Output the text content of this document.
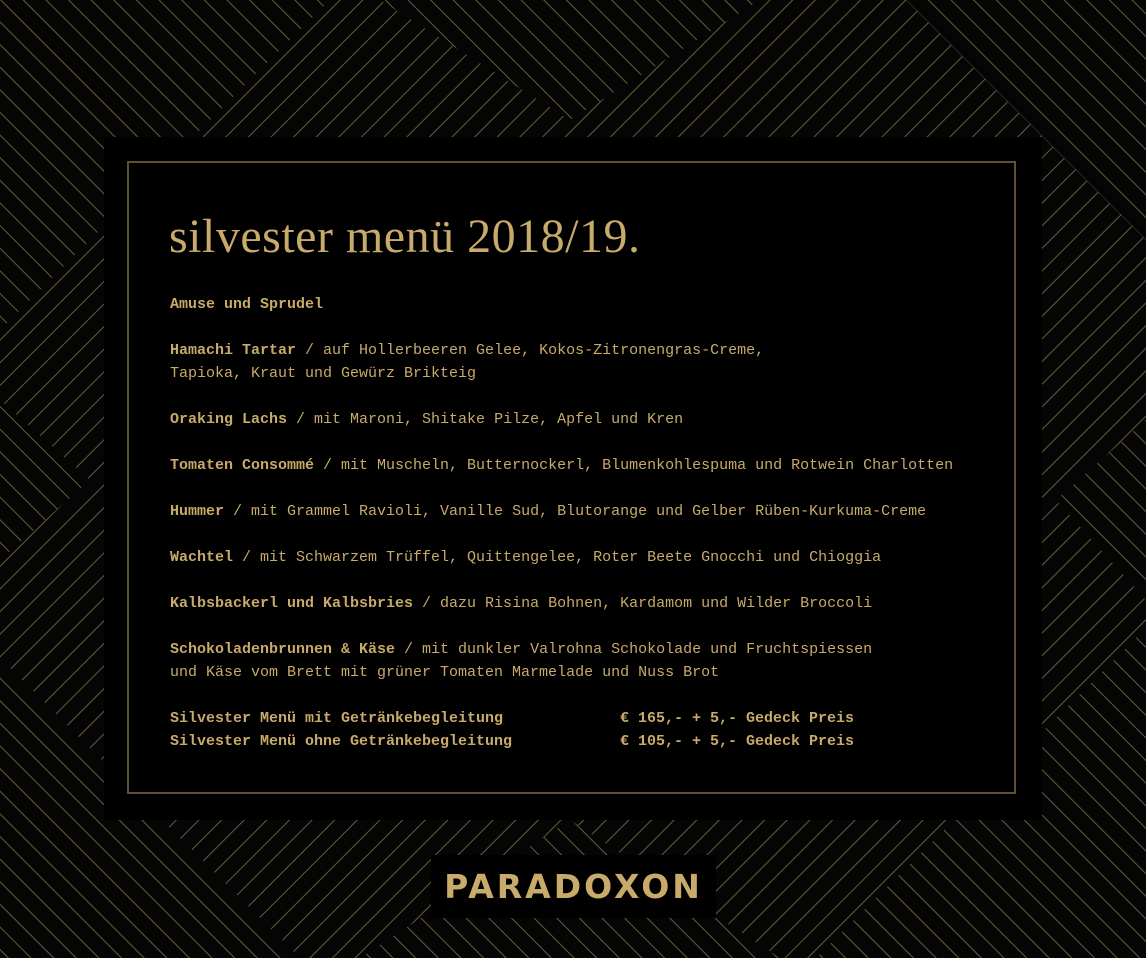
silvester menü 2018/19.

Amuse und Sprudel

Hamachi Tartar / auf Hollerbeeren Gelee, Kokos-Zitronengras-Creme,
Tapioka, Kraut und Gewürz Brikteig

Oraking Lachs / mit Maroni, Shitake Pilze, Apfel und Kren

Tomaten Consommé / mit Muscheln, Butternockerl, Blumenkohlespuma und Rotwein Charlotten

Hummer / mit Grammel Ravioli, Vanille Sud, Blutorange und Gelber Rüben-Kurkuma-Creme

Wachtel / mit Schwarzem Trüffel, Quittengelee, Roter Beete Gnocchi und Chioggia

Kalbsbackerl und Kalbsbries / dazu Risina Bohnen, Kardamom und Wilder Broccoli

Schokoladenbrunnen & Käse / mit dunkler Valrohna Schokolade und Fruchtspiessen
und Käse vom Brett mit grüner Tomaten Marmelade und Nuss Brot

Silvester Menü mit Getränkebegleitung	€ 165,- + 5,- Gedeck Preis
Silvester Menü ohne Getränkebegleitung	€ 105,- + 5,- Gedeck Preis
PARADOXON
